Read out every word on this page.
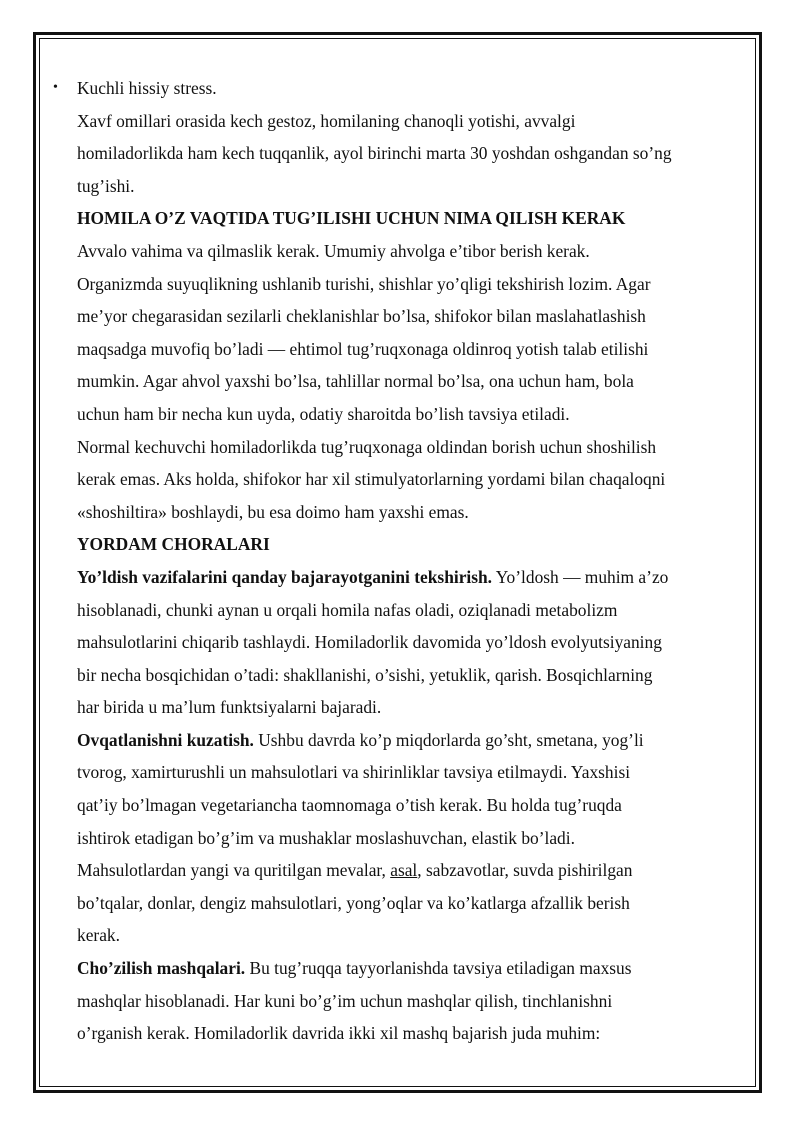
• Kuchli hissiy stress.
Xavf omillari orasida kech gestoz, homilaning chanoqli yotishi, avvalgi
homiladorlikda ham kech tuqqanlik, ayol birinchi marta 30 yoshdan oshgandan so’ng
tug’ishi.
HOMILA O’Z VAQTIDA TUG’ILISHI UCHUN NIMA QILISH KERAK
Avvalo vahima va qilmaslik kerak. Umumiy ahvolga e’tibor berish kerak.
Organizmda suyuqlikning ushlanib turishi, shishlar yo’qligi tekshirish lozim. Agar
me’yor chegarasidan sezilarli cheklanishlar bo’lsa, shifokor bilan maslahatlashish
maqsadga muvofiq bo’ladi — ehtimol tug’ruqxonaga oldinroq yotish talab etilishi
mumkin. Agar ahvol yaxshi bo’lsa, tahlillar normal bo’lsa, ona uchun ham, bola
uchun ham bir necha kun uyda, odatiy sharoitda bo’lish tavsiya etiladi.
Normal kechuvchi homiladorlikda tug’ruqxonaga oldindan borish uchun shoshilish
kerak emas. Aks holda, shifokor har xil stimulyatorlarning yordami bilan chaqaloqni
«shoshiltira» boshlaydi, bu esa doimo ham yaxshi emas.
YORDAM CHORALARI
Yo’ldish vazifalarini qanday bajarayotganini tekshirish. Yo’ldosh — muhim a’zo
hisoblanadi, chunki aynan u orqali homila nafas oladi, oziqlanadi metabolizm
mahsulotlarini chiqarib tashlaydi. Homiladorlik davomida yo’ldosh evolyutsiyaning
bir necha bosqichidan o’tadi: shakllanishi, o’sishi, yetuklik, qarish. Bosqichlarning
har birida u ma’lum funktsiyalarni bajaradi.
Ovqatlanishni kuzatish. Ushbu davrda ko’p miqdorlarda go’sht, smetana, yog’li
tvorog, xamirturushli un mahsulotlari va shirinliklar tavsiya etilmaydi. Yaxshisi
qat’iy bo’lmagan vegetariancha taomnomaga o’tish kerak. Bu holda tug’ruqda
ishtirok etadigan bo’g’im va mushaklar moslashuvchan, elastik bo’ladi.
Mahsulotlardan yangi va quritilgan mevalar, asal, sabzavotlar, suvda pishirilgan
bo’tqalar, donlar, dengiz mahsulotlari, yong’oqlar va ko’katlarga afzallik berish
kerak.
Cho’zilish mashqalari. Bu tug’ruqqa tayyorlanishda tavsiya etiladigan maxsus
mashqlar hisoblanadi. Har kuni bo’g’im uchun mashqlar qilish, tinchlanishni
o’rganish kerak. Homiladorlik davrida ikki xil mashq bajarish juda muhim:
